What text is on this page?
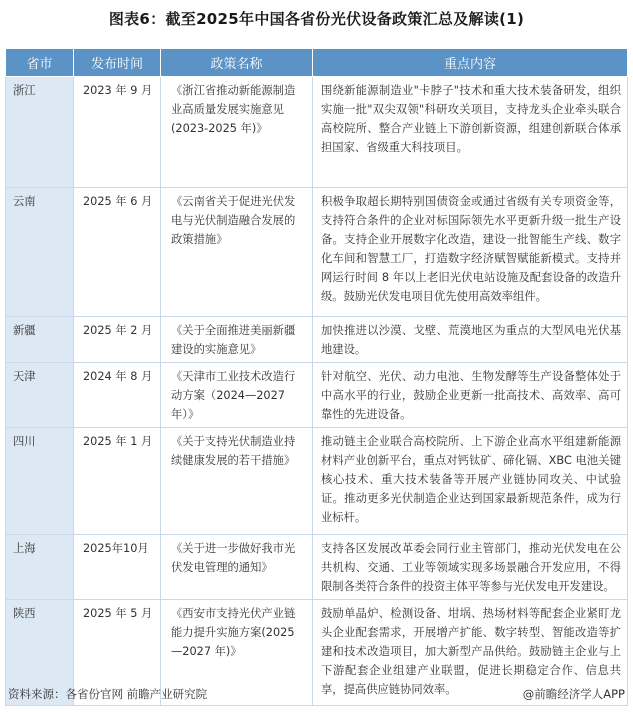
图表6：截至2025年中国各省份光伏设备政策汇总及解读(1)
省市	发布时间	政策名称	重点内容
浙江	2023 年 9 月	《浙江省推动新能源制造业高质量发展实施意见(2023-2025 年)》	围绕新能源制造业"卡脖子"技术和重大技术装备研发，组织实施一批"双尖双领"科研攻关项目，支持龙头企业牵头联合高校院所、整合产业链上下游创新资源，组建创新联合体承担国家、省级重大科技项目。
云南	2025 年 6 月	《云南省关于促进光伏发电与光伏制造融合发展的政策措施》	积极争取超长期特别国债资金或通过省级有关专项资金等，支持符合条件的企业对标国际领先水平更新升级一批生产设备。支持企业开展数字化改造，建设一批智能生产线、数字化车间和智慧工厂，打造数字经济赋智赋能新模式。支持并网运行时间 8 年以上老旧光伏电站设施及配套设备的改造升级。鼓励光伏发电项目优先使用高效率组件。
新疆	2025 年 2 月	《关于全面推进美丽新疆建设的实施意见》	加快推进以沙漠、戈壁、荒漠地区为重点的大型风电光伏基地建设。
天津	2024 年 8 月	《天津市工业技术改造行动方案（2024—2027年）》	针对航空、光伏、动力电池、生物发酵等生产设备整体处于中高水平的行业，鼓励企业更新一批高技术、高效率、高可靠性的先进设备。
四川	2025 年 1 月	《关于支持光伏制造业持续健康发展的若干措施》	推动链主企业联合高校院所、上下游企业高水平组建新能源材料产业创新平台，重点对钙钛矿、碲化镉、XBC 电池关键核心技术、重大技术装备等开展产业链协同攻关、中试验证。推动更多光伏制造企业达到国家最新规范条件，成为行业标杆。
上海	2025年10月	《关于进一步做好我市光伏发电管理的通知》	支持各区发展改革委会同行业主管部门，推动光伏发电在公共机构、交通、工业等领域实现多场景融合开发应用，不得限制各类符合条件的投资主体平等参与光伏发电开发建设。
陕西	2025 年 5 月	《西安市支持光伏产业链能力提升实施方案(2025—2027 年)》	鼓励单晶炉、检测设备、坩埚、热场材料等配套企业紧盯龙头企业配套需求，开展增产扩能、数字转型、智能改造等扩建和技术改造项目，加大新型产品供给。鼓励链主企业与上下游配套企业组建产业联盟，促进长期稳定合作、信息共享，提高供应链协同效率。
资料来源：各省份官网 前瞻产业研究院	@前瞻经济学人APP
